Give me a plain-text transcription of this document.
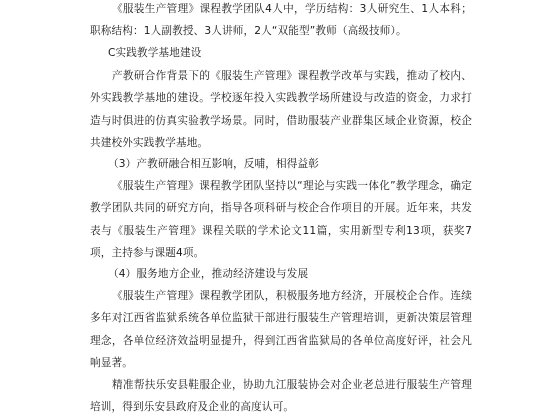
《服装生产管理》课程教学团队4人中，学历结构：3人研究生、1人本科；职称结构：1人副教授、3人讲师，2人“双能型”教师（高级技师）。

C实践教学基地建设

产教研合作背景下的《服装生产管理》课程教学改革与实践，推动了校内、外实践教学基地的建设。学校逐年投入实践教学场所建设与改造的资金，力求打造与时俱进的仿真实验教学场景。同时，借助服装产业群集区域企业资源，校企共建校外实践教学基地。

（3）产教研融合相互影响，反哺，相得益彰

《服装生产管理》课程教学团队坚持以“理论与实践一体化”教学理念，确定教学团队共同的研究方向，指导各项科研与校企合作项目的开展。近年来，共发表与《服装生产管理》课程关联的学术论文11篇，实用新型专利13项，获奖7项，主持参与课题4项。

（4）服务地方企业，推动经济建设与发展

《服装生产管理》课程教学团队，积极服务地方经济，开展校企合作。连续多年对江西省监狱系统各单位监狱干部进行服装生产管理培训，更新决策层管理理念，各单位经济效益明显提升，得到江西省监狱局的各单位高度好评，社会凡响显著。

精准帮扶乐安县鞋服企业，协助九江服装协会对企业老总进行服装生产管理培训，得到乐安县政府及企业的高度认可。
